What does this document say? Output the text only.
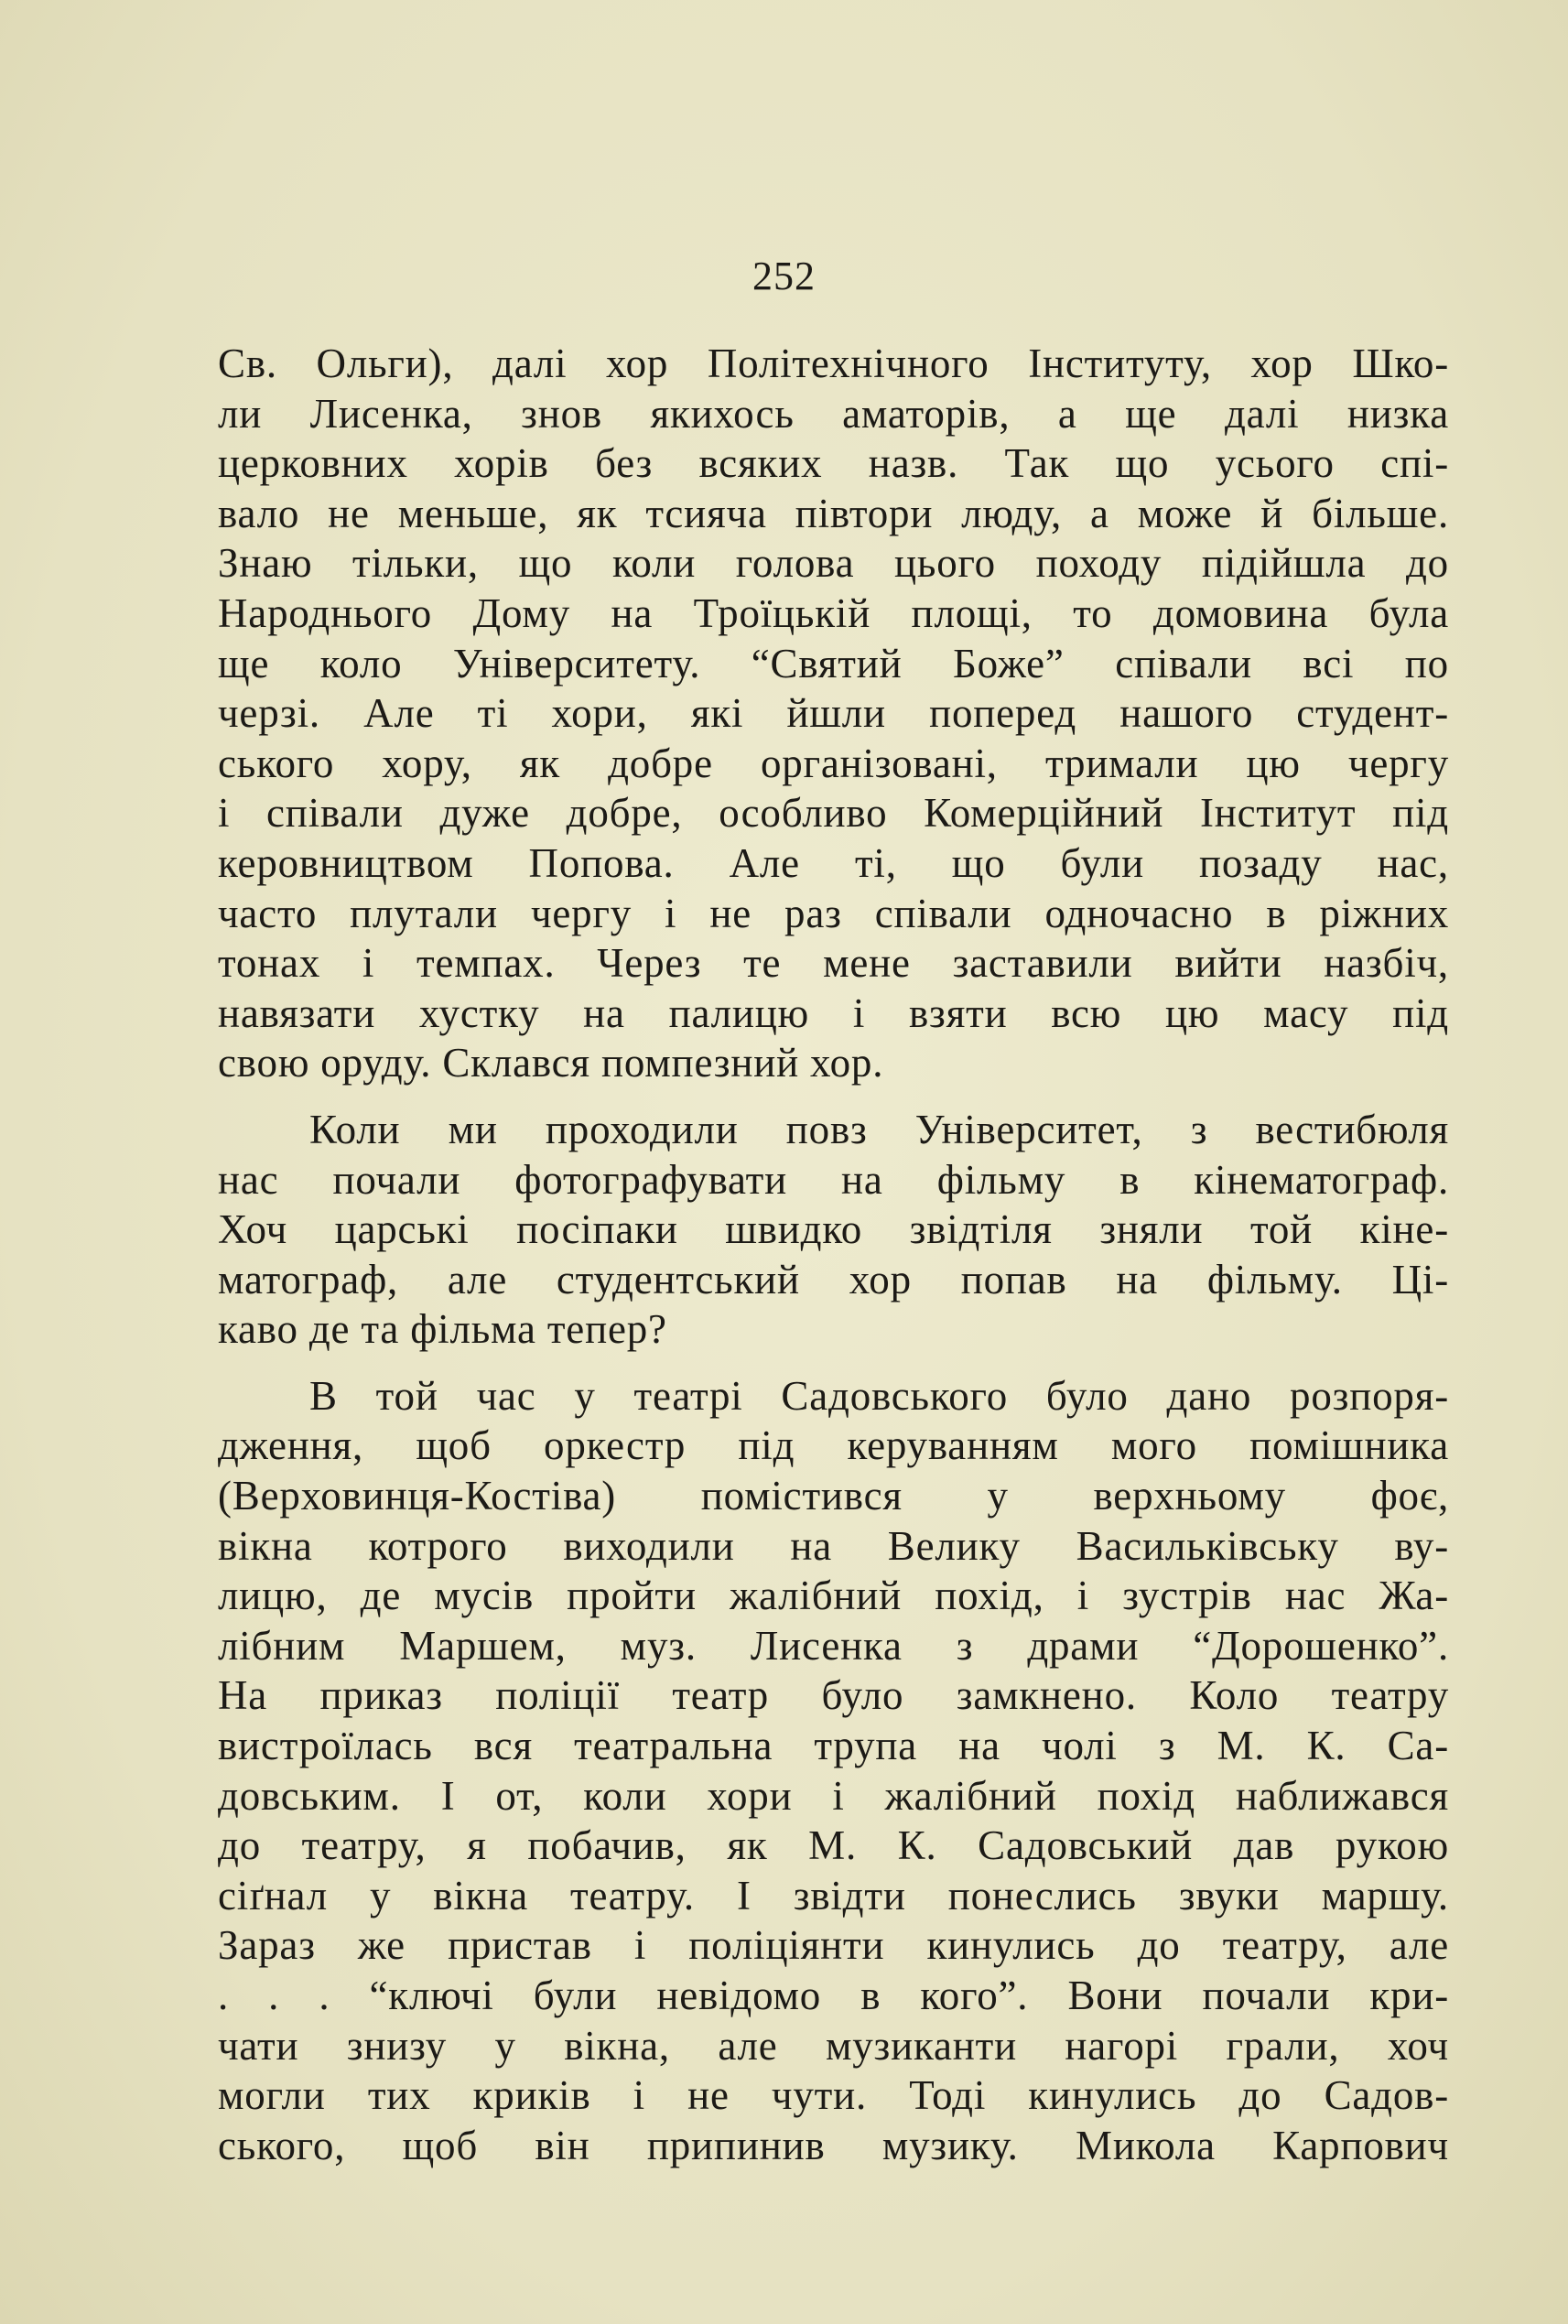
252

Св. Ольги), далі хор Політехнічного Інституту, хор Шко-
ли Лисенка, знов якихось аматорів, а ще далі низка
церковних хорів без всяких назв. Так що усього спі-
вало не меньше, як тсияча півтори люду, а може й більше.
Знаю тільки, що коли голова цього походу підійшла до
Народнього Дому на Троїцькій площі, то домовина була
ще коло Університету. “Святий Боже” співали всі по
черзі. Але ті хори, які йшли поперед нашого студент-
ського хору, як добре організовані, тримали цю чергу
і співали дуже добре, особливо Комерційний Інститут під
керовництвом Попова. Але ті, що були позаду нас,
часто плутали чергу і не раз співали одночасно в ріжних
тонах і темпах. Через те мене заставили вийти назбіч,
навязати хустку на палицю і взяти всю цю масу під
свою оруду. Склався помпезний хор.

Коли ми проходили повз Університет, з вестибюля
нас почали фотографувати на фільму в кінематограф.
Хоч царські посіпаки швидко звідтіля зняли той кіне-
матограф, але студентський хор попав на фільму. Ці-
каво де та фільма тепер?

В той час у театрі Садовського було дано розпоря-
дження, щоб оркестр під керуванням мого помішника
(Верховинця-Костіва) помістився у верхньому фоє,
вікна котрого виходили на Велику Васильківську ву-
лицю, де мусів пройти жалібний похід, і зустрів нас Жа-
лібним Маршем, муз. Лисенка з драми “Дорошенко”.
На приказ поліції театр було замкнено. Коло театру
вистроїлась вся театральна трупа на чолі з М. К. Са-
довським. І от, коли хори і жалібний похід наближався
до театру, я побачив, як М. К. Садовський дав рукою
сіґнал у вікна театру. І звідти понеслись звуки маршу.
Зараз же пристав і поліціянти кинулись до театру, але
. . . “ключі були невідомо в кого”. Вони почали кри-
чати знизу у вікна, але музиканти нагорі грали, хоч
могли тих криків і не чути. Тоді кинулись до Садов-
ського, щоб він припинив музику. Микола Карпович
